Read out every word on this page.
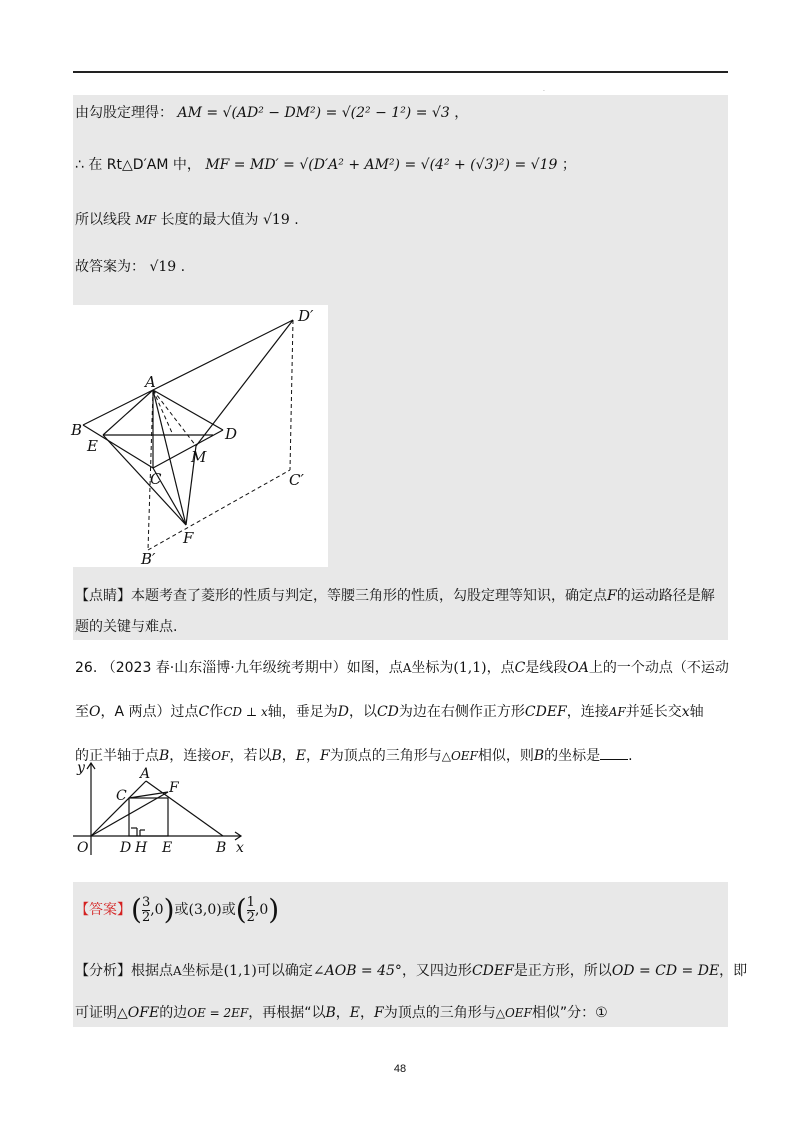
.
由勾股定理得： AM = √(AD² − DM²) = √(2² − 1²) = √3 ，
∴ 在 Rt△D′AM 中， MF = MD′ = √(D′A² + AM²) = √(4² + (√3)²) = √19 ；
所以线段 MF 长度的最大值为 √19 .
故答案为： √19 .
D′
A
B
E
D
M
C	C′
F
B′
【点睛】本题考查了菱形的性质与判定，等腰三角形的性质，勾股定理等知识，确定点F的运动路径是解
题的关键与难点.
26. （2023 春·山东淄博·九年级统考期中）如图，点A坐标为(1,1)，点C是线段OA上的一个动点（不运动
至O，A 两点）过点C作CD ⊥ x轴，垂足为D，以CD为边在右侧作正方形CDEF，连接AF并延长交x轴
的正半轴于点B，连接OF，若以B，E，F为顶点的三角形与△OEF相似，则B的坐标是 .
y	A
C	F
O D H E	B x
【答案】( $\frac{3}{2} ,0$)或(3,0)或( $\frac{1}{2} ,0$)
【分析】根据点A坐标是(1,1)可以确定∠AOB = 45°，又四边形CDEF是正方形，所以OD = CD = DE，即
可证明△OFE的边OE = 2EF，再根据“以B，E，F为顶点的三角形与△OEF相似”分：①
48
